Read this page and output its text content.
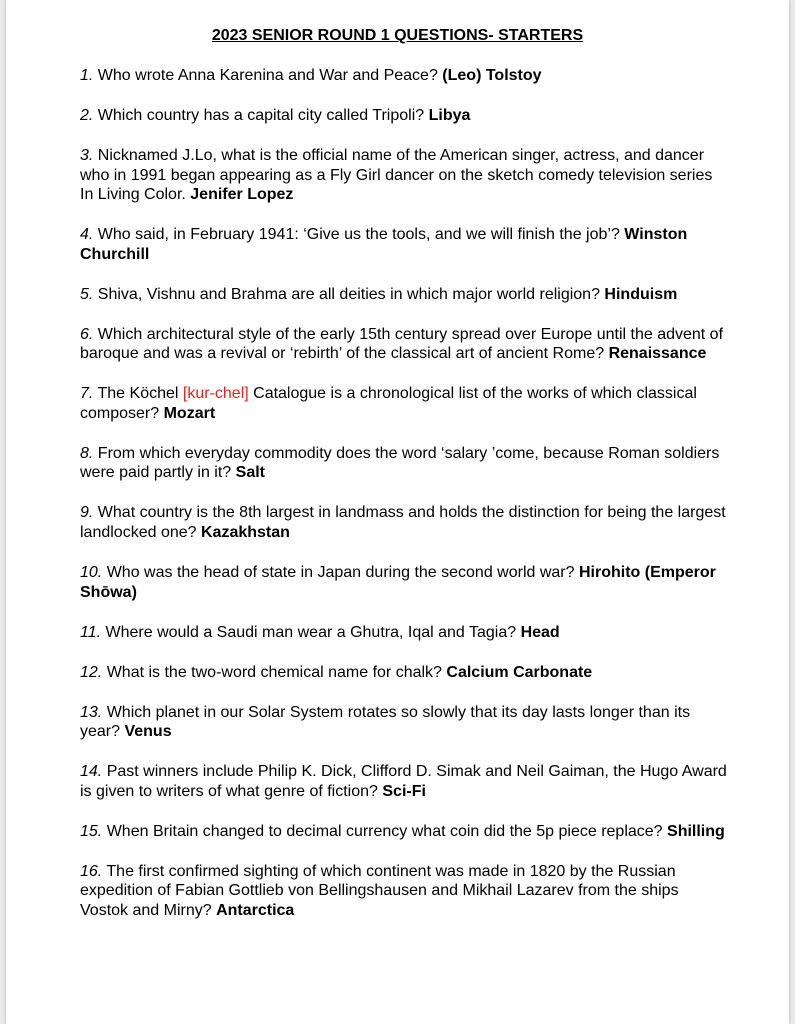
2023 SENIOR ROUND 1 QUESTIONS- STARTERS

1. Who wrote Anna Karenina and War and Peace? (Leo) Tolstoy

2. Which country has a capital city called Tripoli? Libya

3. Nicknamed J.Lo, what is the official name of the American singer, actress, and dancer who in 1991 began appearing as a Fly Girl dancer on the sketch comedy television series In Living Color. Jenifer Lopez

4. Who said, in February 1941: ‘Give us the tools, and we will finish the job’? Winston Churchill

5. Shiva, Vishnu and Brahma are all deities in which major world religion? Hinduism

6. Which architectural style of the early 15th century spread over Europe until the advent of baroque and was a revival or ‘rebirth’ of the classical art of ancient Rome? Renaissance

7. The Köchel [kur-chel] Catalogue is a chronological list of the works of which classical composer? Mozart

8. From which everyday commodity does the word ‘salary ’come, because Roman soldiers were paid partly in it? Salt

9. What country is the 8th largest in landmass and holds the distinction for being the largest landlocked one? Kazakhstan

10. Who was the head of state in Japan during the second world war? Hirohito (Emperor Shōwa)

11. Where would a Saudi man wear a Ghutra, Iqal and Tagia? Head

12. What is the two-word chemical name for chalk? Calcium Carbonate

13. Which planet in our Solar System rotates so slowly that its day lasts longer than its year? Venus

14. Past winners include Philip K. Dick, Clifford D. Simak and Neil Gaiman, the Hugo Award is given to writers of what genre of fiction? Sci-Fi

15. When Britain changed to decimal currency what coin did the 5p piece replace? Shilling

16. The first confirmed sighting of which continent was made in 1820 by the Russian expedition of Fabian Gottlieb von Bellingshausen and Mikhail Lazarev from the ships Vostok and Mirny? Antarctica
